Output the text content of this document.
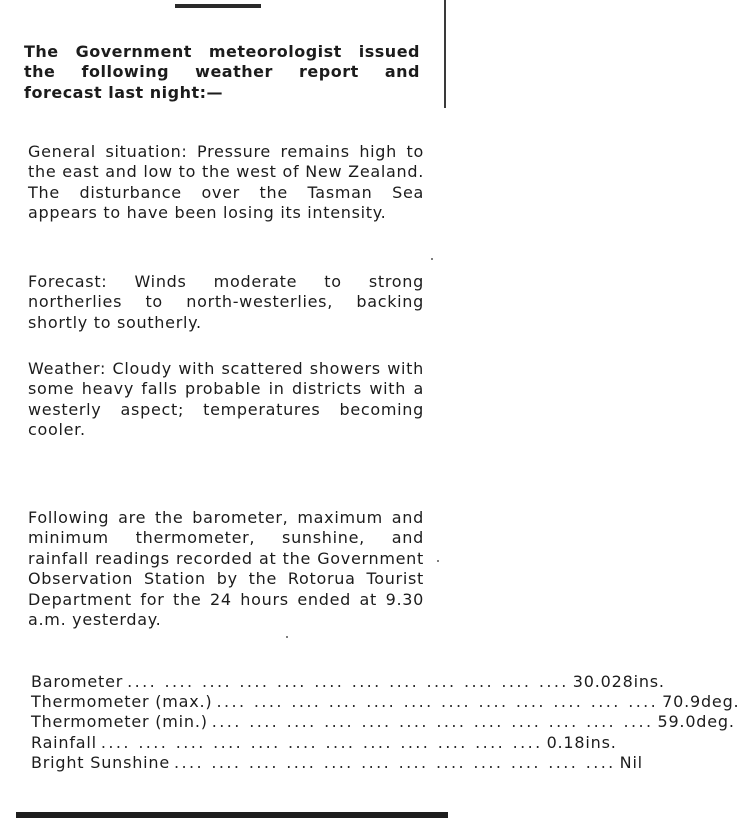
The Government meteorologist issued the following weather report and forecast last night:—

General situation: Pressure remains high to the east and low to the west of New Zealand. The disturbance over the Tasman Sea appears to have been losing its intensity.

Forecast: Winds moderate to strong northerlies to north-westerlies, backing shortly to southerly.

Weather: Cloudy with scattered showers with some heavy falls probable in districts with a westerly aspect; temperatures becoming cooler.

Following are the barometer, maximum and minimum thermometer, sunshine, and rainfall readings recorded at the Government Observation Station by the Rotorua Tourist Department for the 24 hours ended at 9.30 a.m. yesterday.

Barometer .... .... .... .... .... .... .... .... .... .... .... .... 30.028ins.
Thermometer (max.) .... .... .... .... .... .... .... .... .... .... .... .... 70.9deg.
Thermometer (min.) .... .... .... .... .... .... .... .... .... .... .... .... 59.0deg.
Rainfall .... .... .... .... .... .... .... .... .... .... .... .... 0.18ins.
Bright Sunshine .... .... .... .... .... .... .... .... .... .... .... .... Nil
